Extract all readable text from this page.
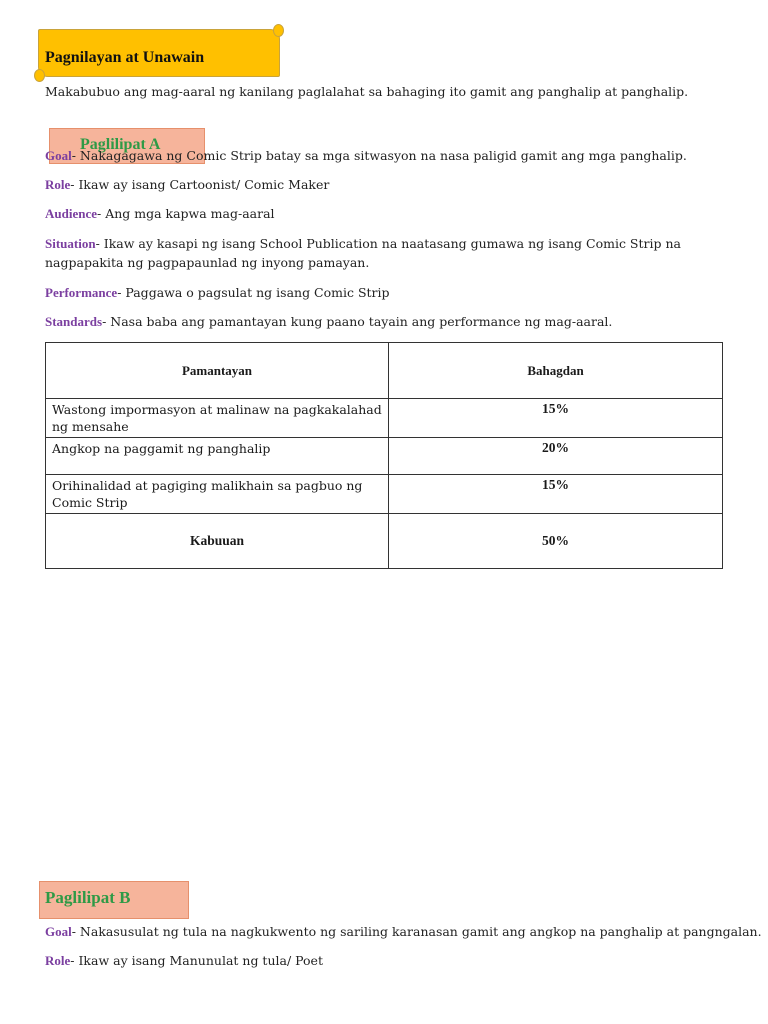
Pagnilayan at Unawain
Makabubuo ang mag-aaral ng kanilang paglalahat sa bahaging ito gamit ang panghalip at panghalip.
Paglilipat A
Goal- Nakagagawa ng Comic Strip batay sa mga sitwasyon na nasa paligid gamit ang mga panghalip.
Role- Ikaw ay isang Cartoonist/ Comic Maker
Audience- Ang mga kapwa mag-aaral
Situation- Ikaw ay kasapi ng isang School Publication na naatasang gumawa ng isang Comic Strip na
nagpapakita ng pagpapaunlad ng inyong pamayan.
Performance- Paggawa o pagsulat ng isang Comic Strip
Standards- Nasa baba ang pamantayan kung paano tayain ang performance ng mag-aaral.
Pamantayan	Bahagdan
Wastong impormasyon at malinaw na pagkakalahad ng mensahe	15%
Angkop na paggamit ng panghalip	20%
Orihinalidad at pagiging malikhain sa pagbuo ng Comic Strip	15%
Kabuuan	50%
Paglilipat B
Goal- Nakasusulat ng tula na nagkukwento ng sariling karanasan gamit ang angkop na panghalip at pangngalan.
Role- Ikaw ay isang Manunulat ng tula/ Poet
